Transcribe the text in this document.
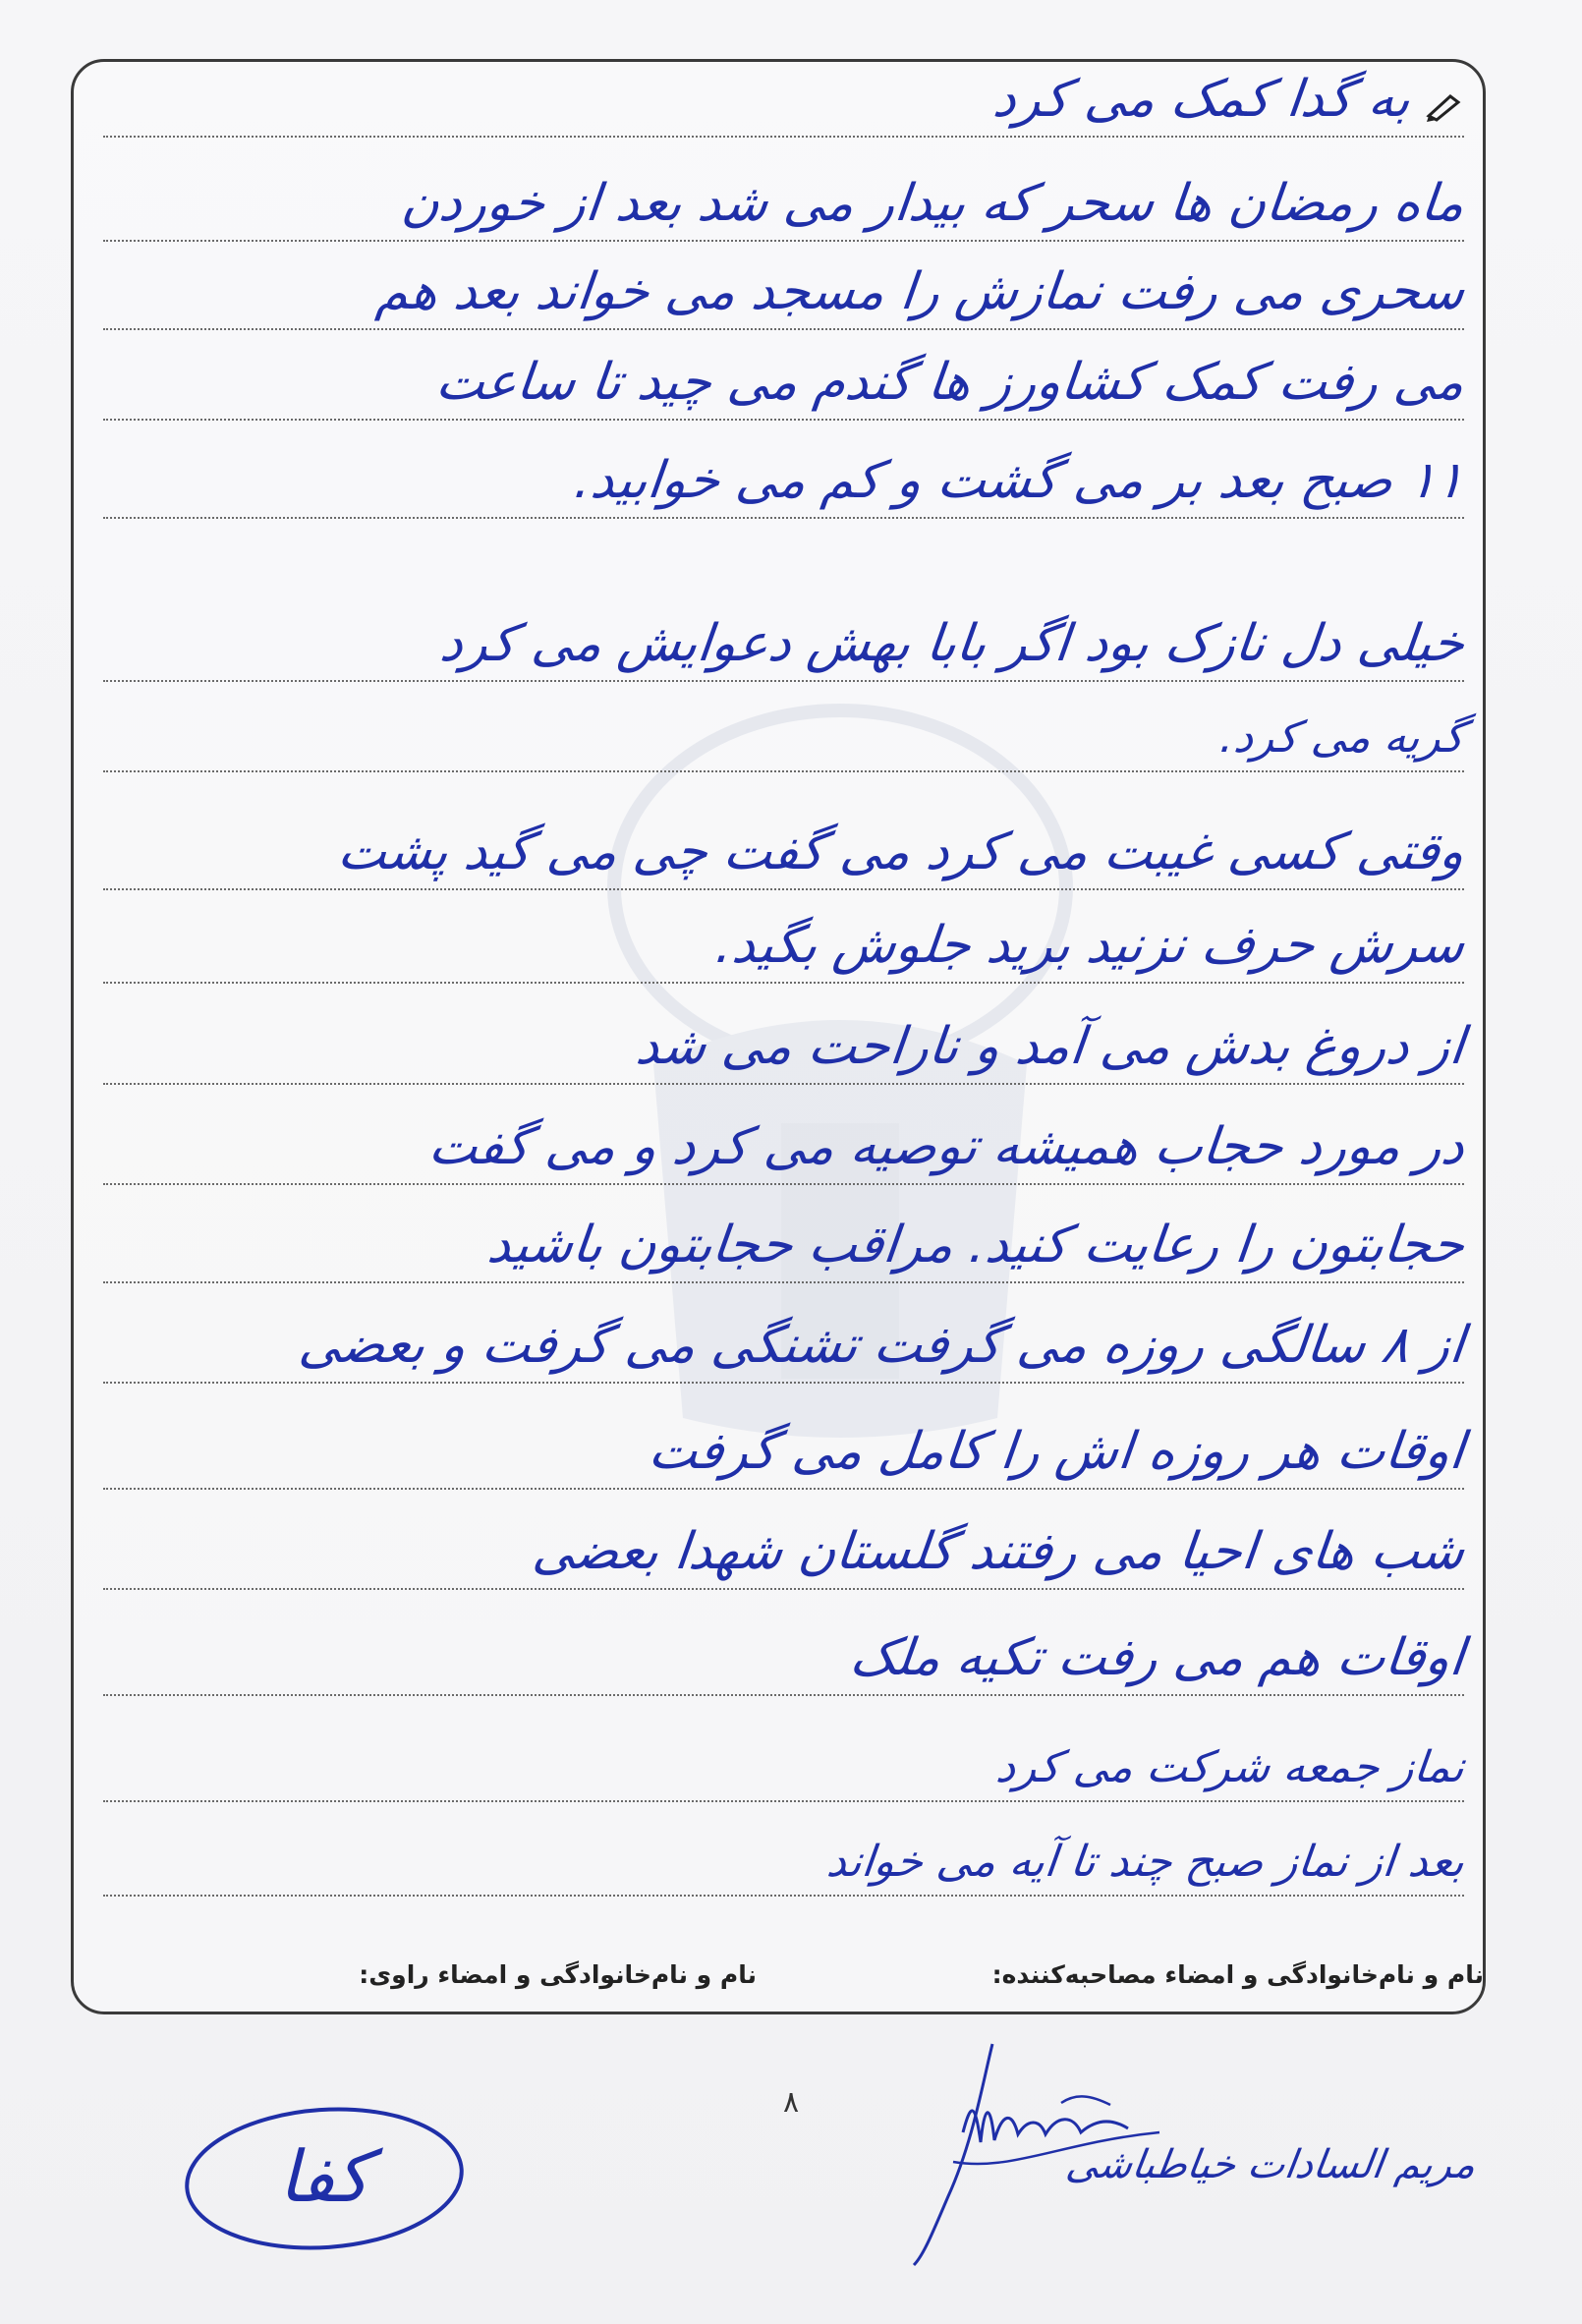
به گدا کمک می کرد
ماه رمضان ها سحر که بیدار می شد بعد از خوردن
سحری می رفت نمازش را مسجد می خواند بعد هم
می رفت کمک کشاورز ها گندم می چید تا ساعت
۱۱ صبح بعد بر می گشت و کم می خوابید.
خیلی دل نازک بود اگر بابا بهش دعوایش می کرد
گریه می کرد.
وقتی کسی غیبت می کرد می گفت چی می گید پشت
سرش حرف نزنید برید جلوش بگید.
از دروغ بدش می آمد و ناراحت می شد
در مورد حجاب همیشه توصیه می کرد و می گفت
حجابتون را رعایت کنید. مراقب حجابتون باشید
از ۸ سالگی روزه می گرفت تشنگی می گرفت و بعضی
اوقات هر روزه اش را کامل می گرفت
شب های احیا می رفتند گلستان شهدا بعضی
اوقات هم می رفت تکیه ملک
نماز جمعه شرکت می کرد
بعد از نماز صبح چند تا آیه می خواند
نام و نام‌خانوادگی و امضاء مصاحبه‌کننده:
نام و نام‌خانوادگی و امضاء راوی:
۸
کفا	مریم السادات خیاطباشی
